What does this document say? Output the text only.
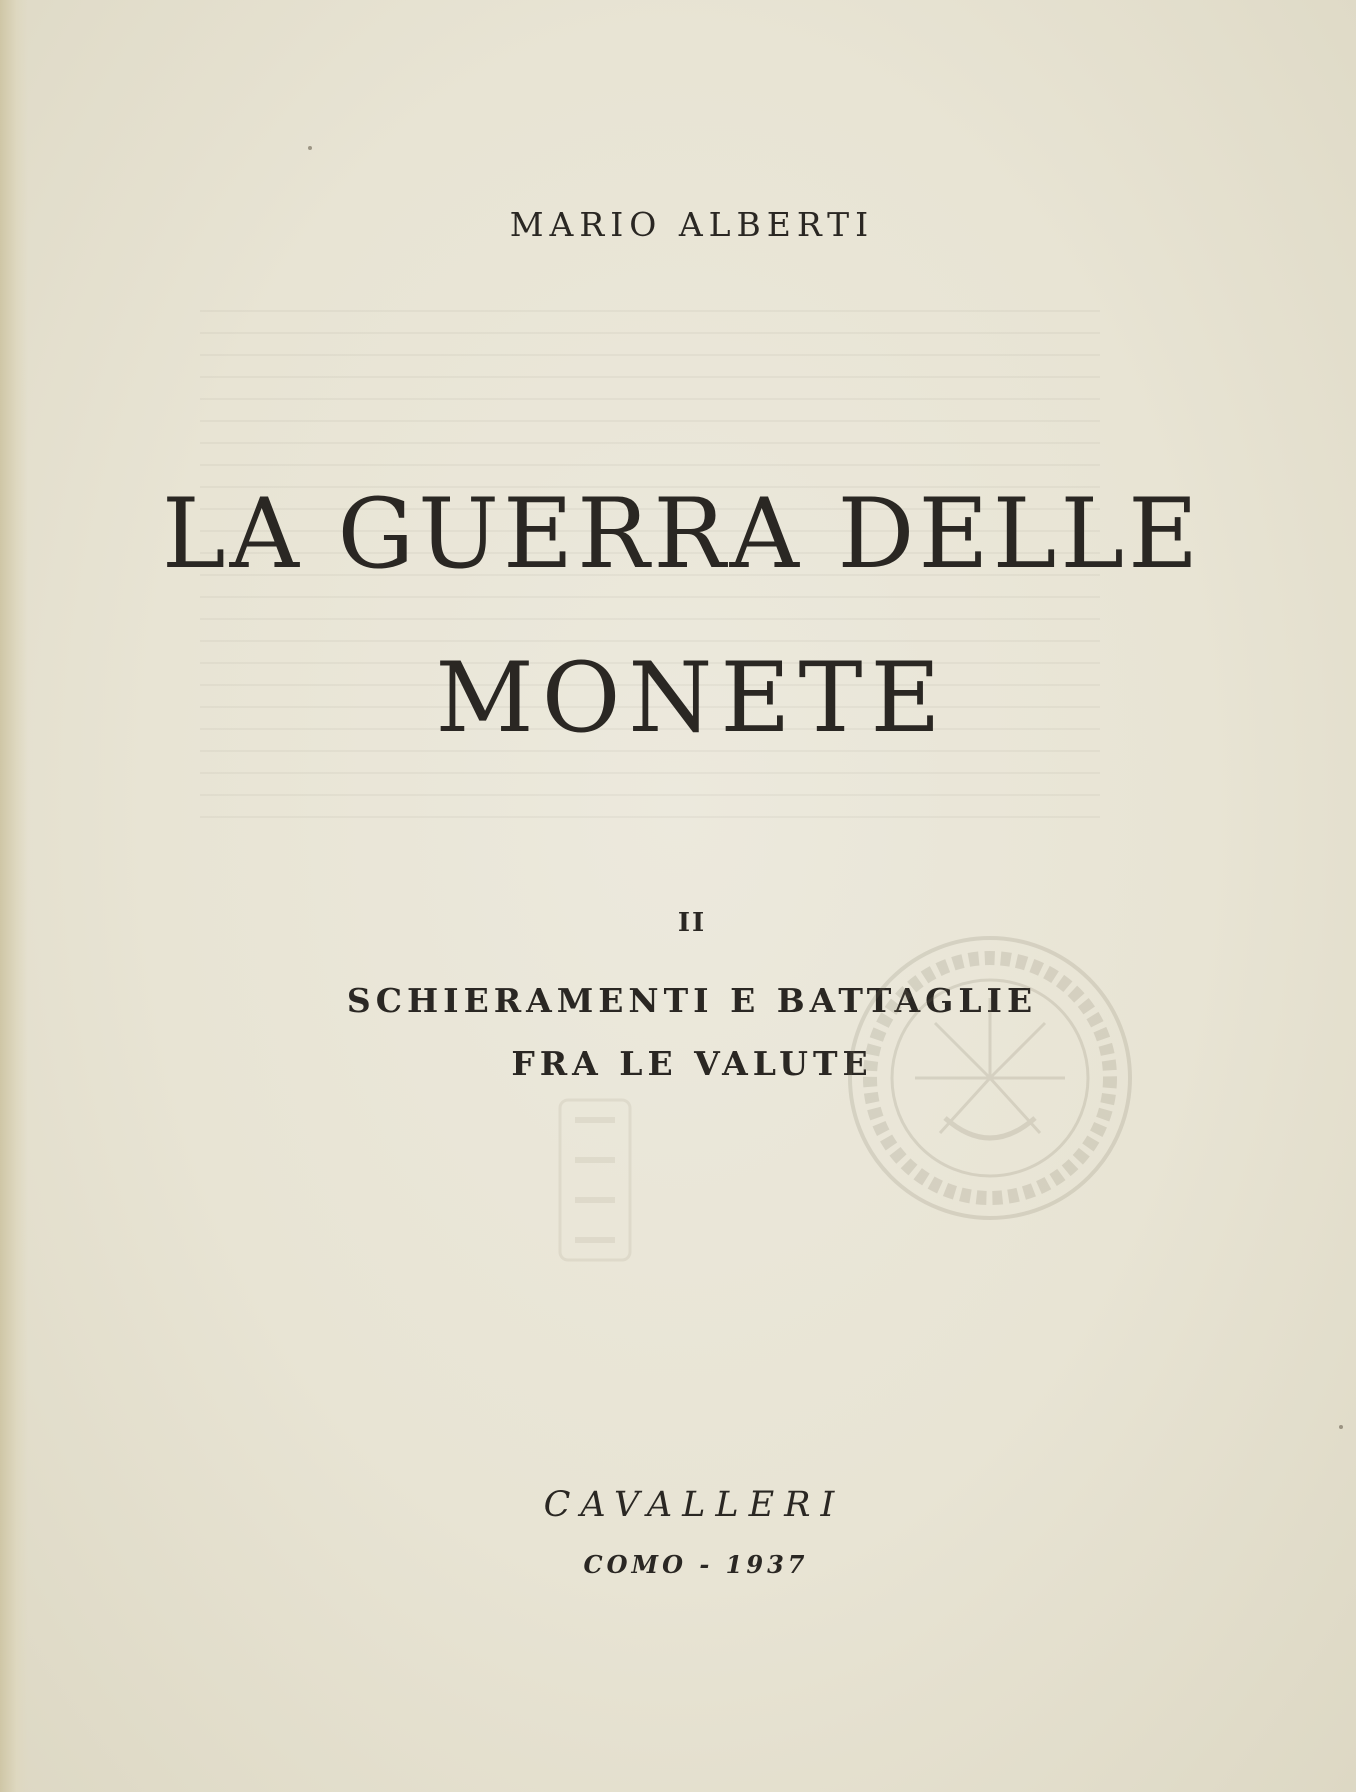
MARIO ALBERTI
LA GUERRA DELLE
MONETE
II
SCHIERAMENTI E BATTAGLIE
FRA LE VALUTE
CAVALLERI
COMO - 1937
